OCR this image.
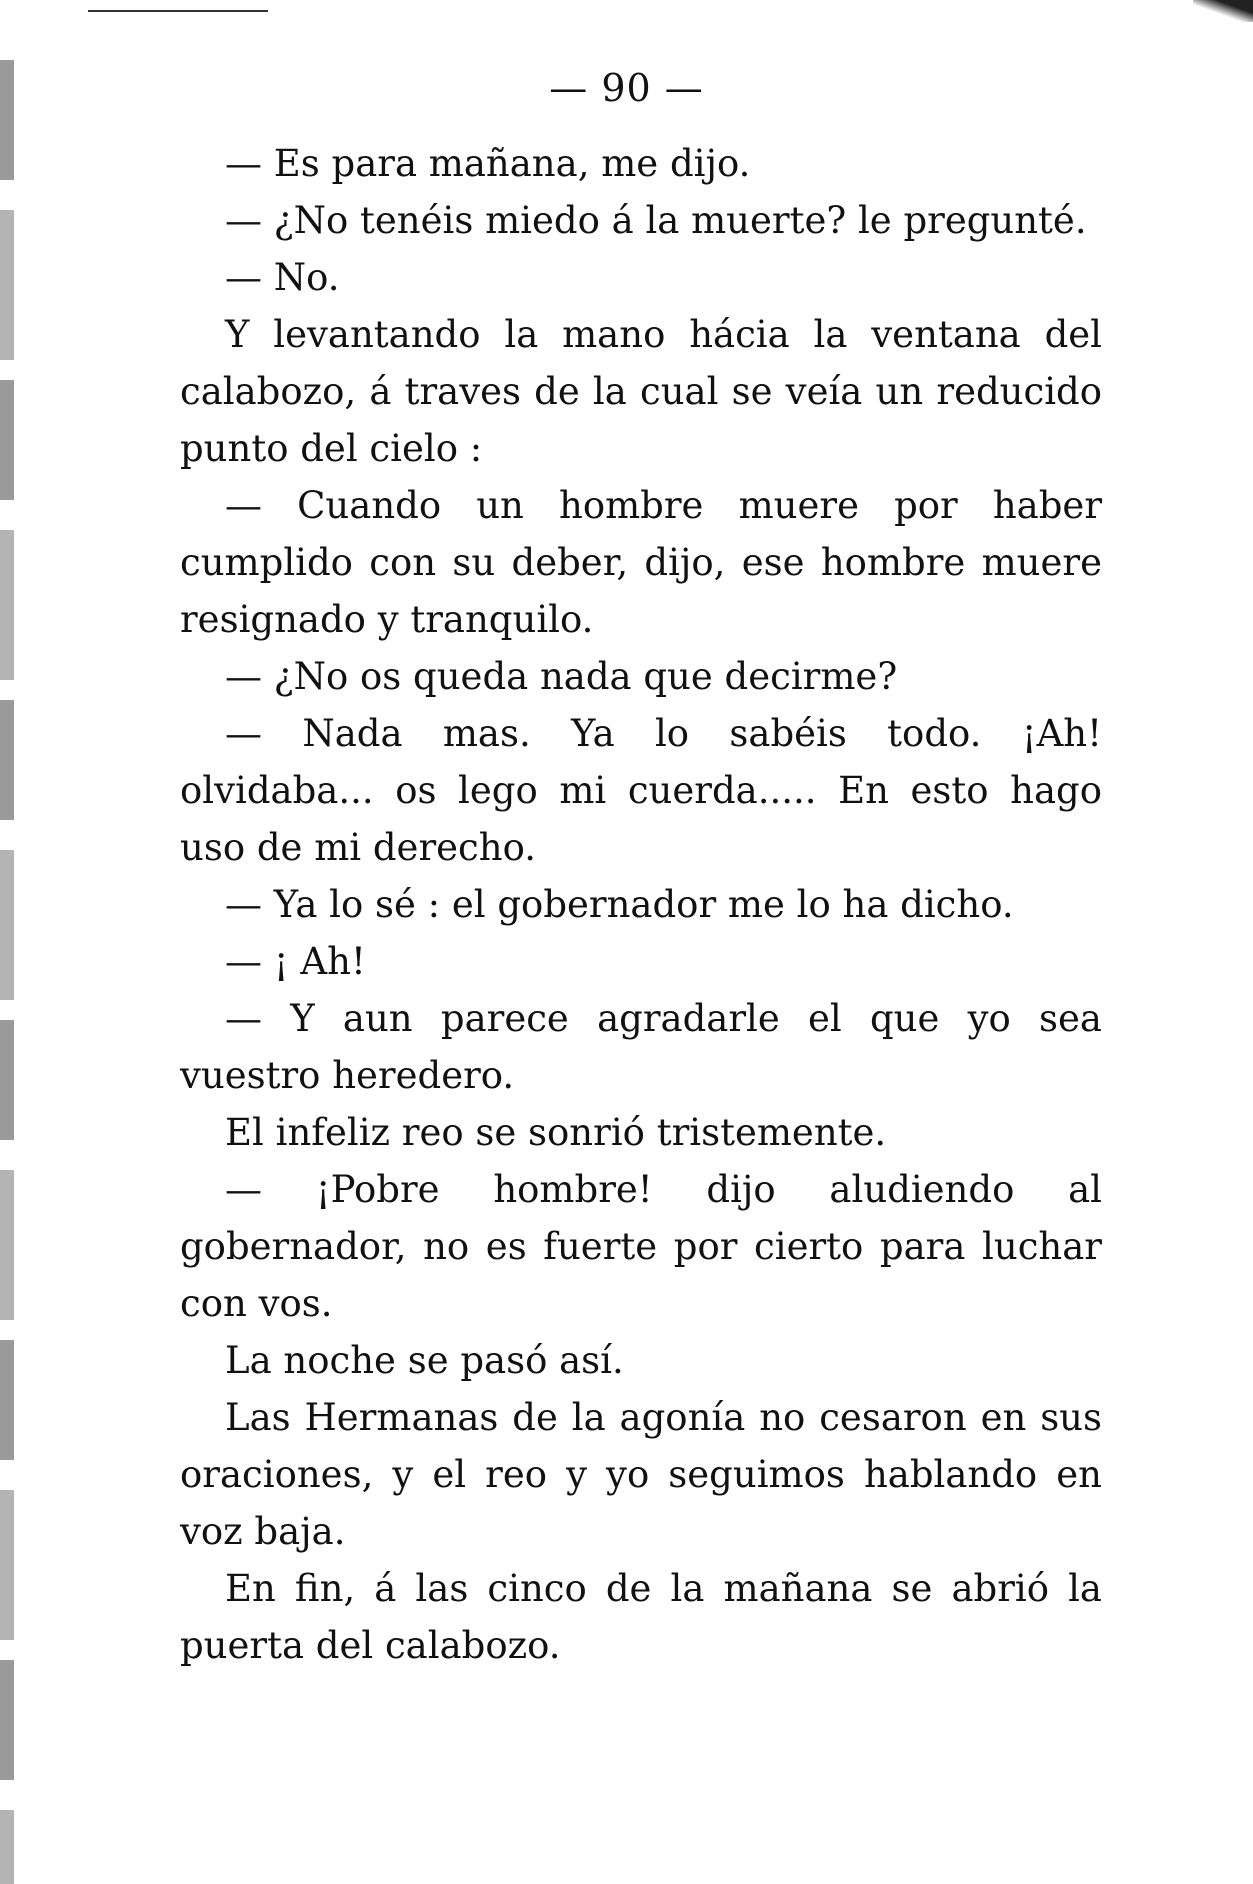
— 90 —

— Es para mañana, me dijo.

— ¿No tenéis miedo á la muerte? le pregunté.

— No.

Y levantando la mano hácia la ventana del calabozo, á traves de la cual se veía un reducido punto del cielo :

— Cuando un hombre muere por haber cumplido con su deber, dijo, ese hombre muere resignado y tranquilo.

— ¿No os queda nada que decirme?

— Nada mas. Ya lo sabéis todo. ¡Ah! olvidaba... os lego mi cuerda..... En esto hago uso de mi derecho.

— Ya lo sé : el gobernador me lo ha dicho.

— ¡ Ah!

— Y aun parece agradarle el que yo sea vuestro heredero.

El infeliz reo se sonrió tristemente.

— ¡Pobre hombre! dijo aludiendo al gobernador, no es fuerte por cierto para luchar con vos.

La noche se pasó así.

Las Hermanas de la agonía no cesaron en sus oraciones, y el reo y yo seguimos hablando en voz baja.

En fin, á las cinco de la mañana se abrió la puerta del calabozo.
